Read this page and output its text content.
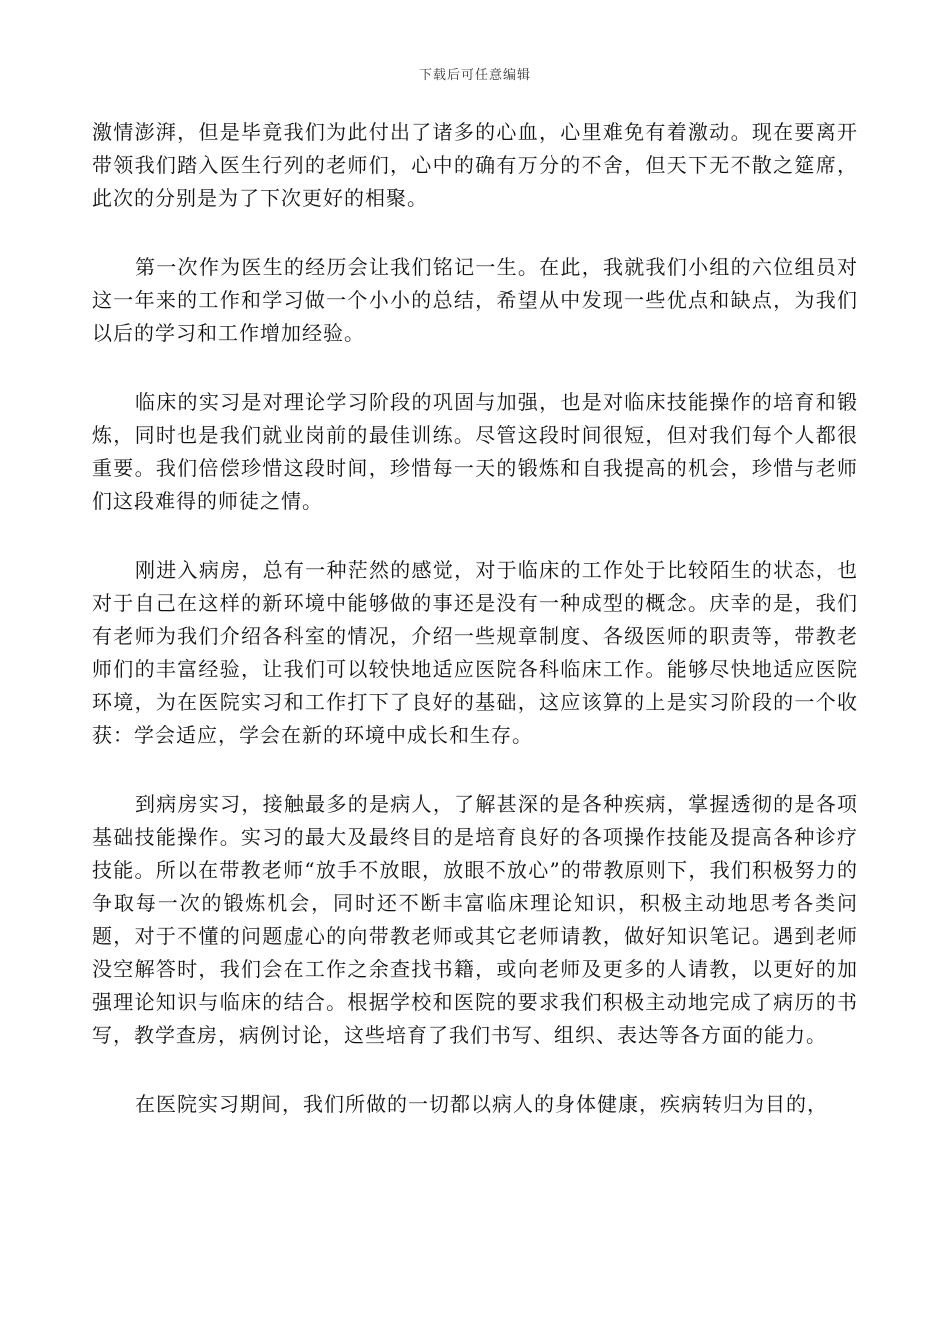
下载后可任意编辑

激情澎湃，但是毕竟我们为此付出了诸多的心血，心里难免有着激动。现在要离开带领我们踏入医生行列的老师们，心中的确有万分的不舍，但天下无不散之筵席，此次的分别是为了下次更好的相聚。

第一次作为医生的经历会让我们铭记一生。在此，我就我们小组的六位组员对这一年来的工作和学习做一个小小的总结，希望从中发现一些优点和缺点，为我们以后的学习和工作增加经验。

临床的实习是对理论学习阶段的巩固与加强，也是对临床技能操作的培育和锻炼，同时也是我们就业岗前的最佳训练。尽管这段时间很短，但对我们每个人都很重要。我们倍偿珍惜这段时间，珍惜每一天的锻炼和自我提高的机会，珍惜与老师们这段难得的师徒之情。

刚进入病房，总有一种茫然的感觉，对于临床的工作处于比较陌生的状态，也对于自己在这样的新环境中能够做的事还是没有一种成型的概念。庆幸的是，我们有老师为我们介绍各科室的情况，介绍一些规章制度、各级医师的职责等，带教老师们的丰富经验，让我们可以较快地适应医院各科临床工作。能够尽快地适应医院环境，为在医院实习和工作打下了良好的基础，这应该算的上是实习阶段的一个收获：学会适应，学会在新的环境中成长和生存。

到病房实习，接触最多的是病人，了解甚深的是各种疾病，掌握透彻的是各项基础技能操作。实习的最大及最终目的是培育良好的各项操作技能及提高各种诊疗技能。所以在带教老师“放手不放眼，放眼不放心”的带教原则下，我们积极努力的争取每一次的锻炼机会，同时还不断丰富临床理论知识，积极主动地思考各类问题，对于不懂的问题虚心的向带教老师或其它老师请教，做好知识笔记。遇到老师没空解答时，我们会在工作之余查找书籍，或向老师及更多的人请教，以更好的加强理论知识与临床的结合。根据学校和医院的要求我们积极主动地完成了病历的书写，教学查房，病例讨论，这些培育了我们书写、组织、表达等各方面的能力。

在医院实习期间，我们所做的一切都以病人的身体健康，疾病转归为目的，
